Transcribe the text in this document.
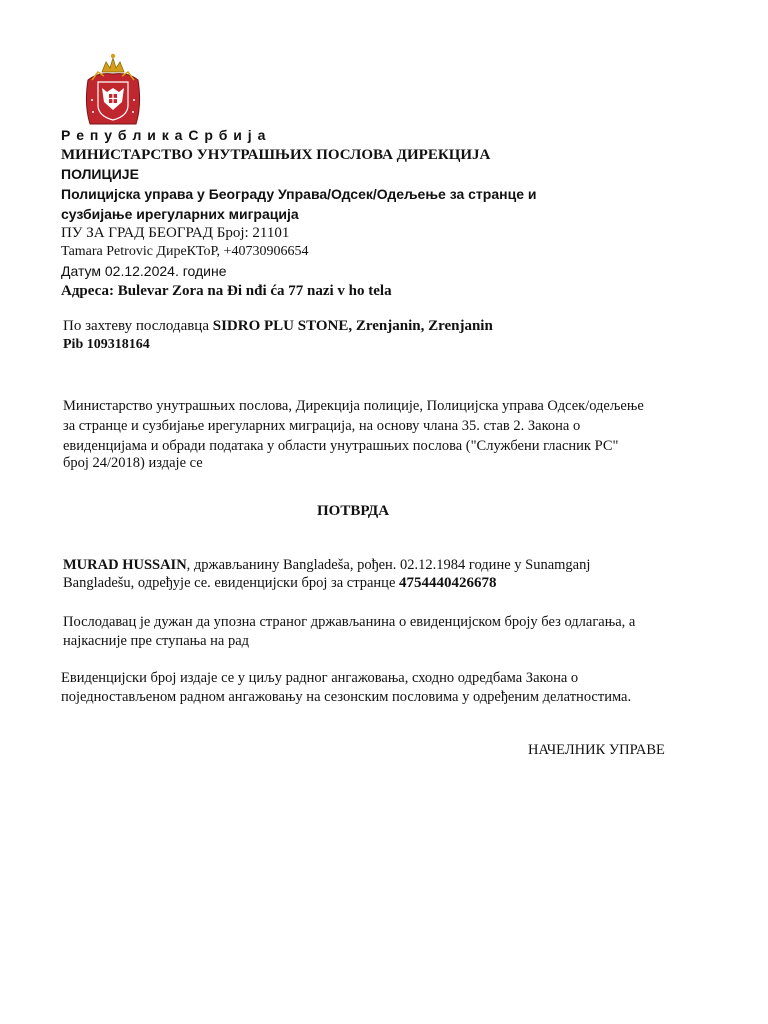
Р е п у б л и к а С р б и ј а
МИНИСТАРСТВО УНУТРАШЊИХ ПОСЛОВА ДИРЕКЦИЈА
ПОЛИЦИЈЕ
Полицијска управа у Београду Управа/Одсек/Одељење за странце и
сузбијање ирегуларних миграција
ПУ ЗА ГРАД БЕОГРАД Број: 21101
Tamara Petrovic ДиреКТоР, +40730906654
Датум 02.12.2024. године
Адреса: Bulevar Zora na Đi nđi ća 77 nazi v ho tela
По захтеву послодавца SIDRO PLU STONE, Zrenjanin, Zrenjanin
Pib 109318164
Министарство унутрашњих послова, Дирекција полиције, Полицијска управа Одсек/одељење
за странце и сузбијање ирегуларних миграција, на основу члана 35. став 2. Закона о
евиденцијама и обради података у области унутрашњих послова ("Службени гласник РС"
број 24/2018) издаје се
ПОТВРДА
MURAD HUSSAIN, држављанину Bangladeša, рођен. 02.12.1984 године у Sunamganj
Bangladešu, одређује се. евиденцијски број за странце 4754440426678
Послодавац је дужан да упозна страног држављанина о евиденцијском броју без одлагања, а
најкасније пре ступања на рад
Евиденцијски број издаје се у циљу радног ангажовања, сходно одредбама Закона о
поједностављеном радном ангажовању на сезонским пословима у одређеним делатностима.
НАЧЕЛНИК УПРАВЕ
